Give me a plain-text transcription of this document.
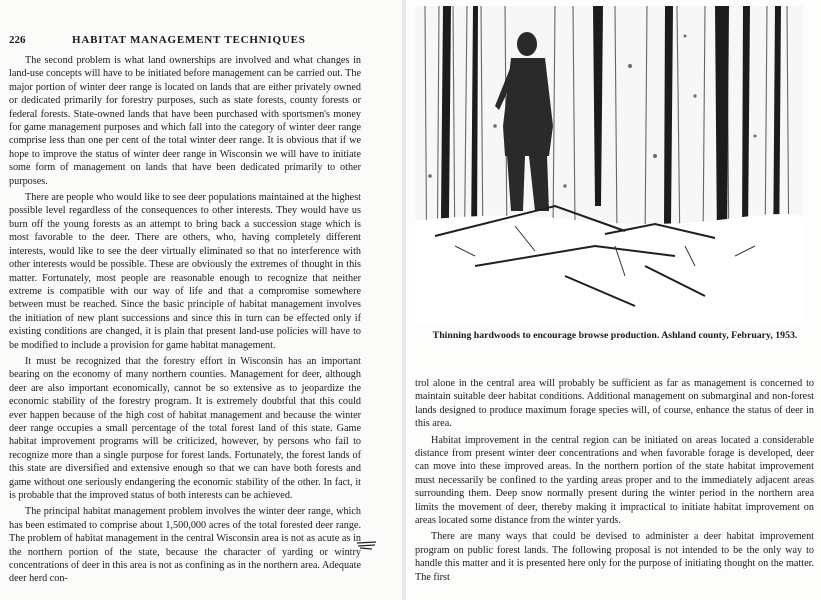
226	HABITAT MANAGEMENT TECHNIQUES

The second problem is what land ownerships are involved and what changes in land-use concepts will have to be initiated before management can be carried out. The major portion of winter deer range is located on lands that are either privately owned or dedicated primarily for forestry purposes, such as state forests, county forests or federal forests. State-owned lands that have been purchased with sportsmen's money for game management purposes and which fall into the category of winter deer range comprise less than one per cent of the total winter deer range. It is obvious that if we hope to improve the status of winter deer range in Wisconsin we will have to initiate some form of management on lands that have been dedicated primarily to other purposes.

There are people who would like to see deer populations maintained at the highest possible level regardless of the consequences to other interests. They would have us burn off the young forests as an attempt to bring back a succession stage which is most favorable to the deer. There are others, who, having completely different interests, would like to see the deer virtually eliminated so that no interference with other interests would be possible. These are obviously the extremes of thought in this matter. Fortunately, most people are reasonable enough to recognize that neither extreme is compatible with our way of life and that a compromise somewhere between must be reached. Since the basic principle of habitat management involves the initiation of new plant successions and since this in turn can be effected only if existing conditions are changed, it is plain that present land-use policies will have to be modified to include a provision for game habitat management.

It must be recognized that the forestry effort in Wisconsin has an important bearing on the economy of many northern counties. Management for deer, although deer are also important economically, cannot be so extensive as to jeopardize the economic stability of the forestry program. It is extremely doubtful that this could ever happen because of the high cost of habitat management and because the winter deer range occupies a small percentage of the total forest land of this state. Game habitat improvement programs will be criticized, however, by persons who fail to recognize more than a single purpose for forest lands. Fortunately, the forest lands of this state are diversified and extensive enough so that we can have both forests and game without one seriously endangering the economic stability of the other. In fact, it is probable that the improved status of both interests can be achieved.

The principal habitat management problem involves the winter deer range, which has been estimated to comprise about 1,500,000 acres of the total forested deer range. The problem of habitat management in the central Wisconsin area is not as acute as in the northern portion of the state, because the character of yarding or wintry concentrations of deer in this area is not as confining as in the northern area. Adequate deer herd con-

Thinning hardwoods to encourage browse production. Ashland county, February, 1953.

trol alone in the central area will probably be sufficient as far as management is concerned to maintain suitable deer habitat conditions. Additional management on submarginal and non-forest lands designed to produce maximum forage species will, of course, enhance the status of deer in this area.

Habitat improvement in the central region can be initiated on areas located a considerable distance from present winter deer concentrations and when favorable forage is developed, deer can move into these improved areas. In the northern portion of the state habitat improvement must necessarily be confined to the yarding areas proper and to the immediately adjacent areas surrounding them. Deep snow normally present during the winter period in the northern area limits the movement of deer, thereby making it impractical to initiate habitat improvement on areas located some distance from the winter yards.

There are many ways that could be devised to administer a deer habitat improvement program on public forest lands. The following proposal is not intended to be the only way to handle this matter and it is presented here only for the purpose of initiating thought on the matter. The first
